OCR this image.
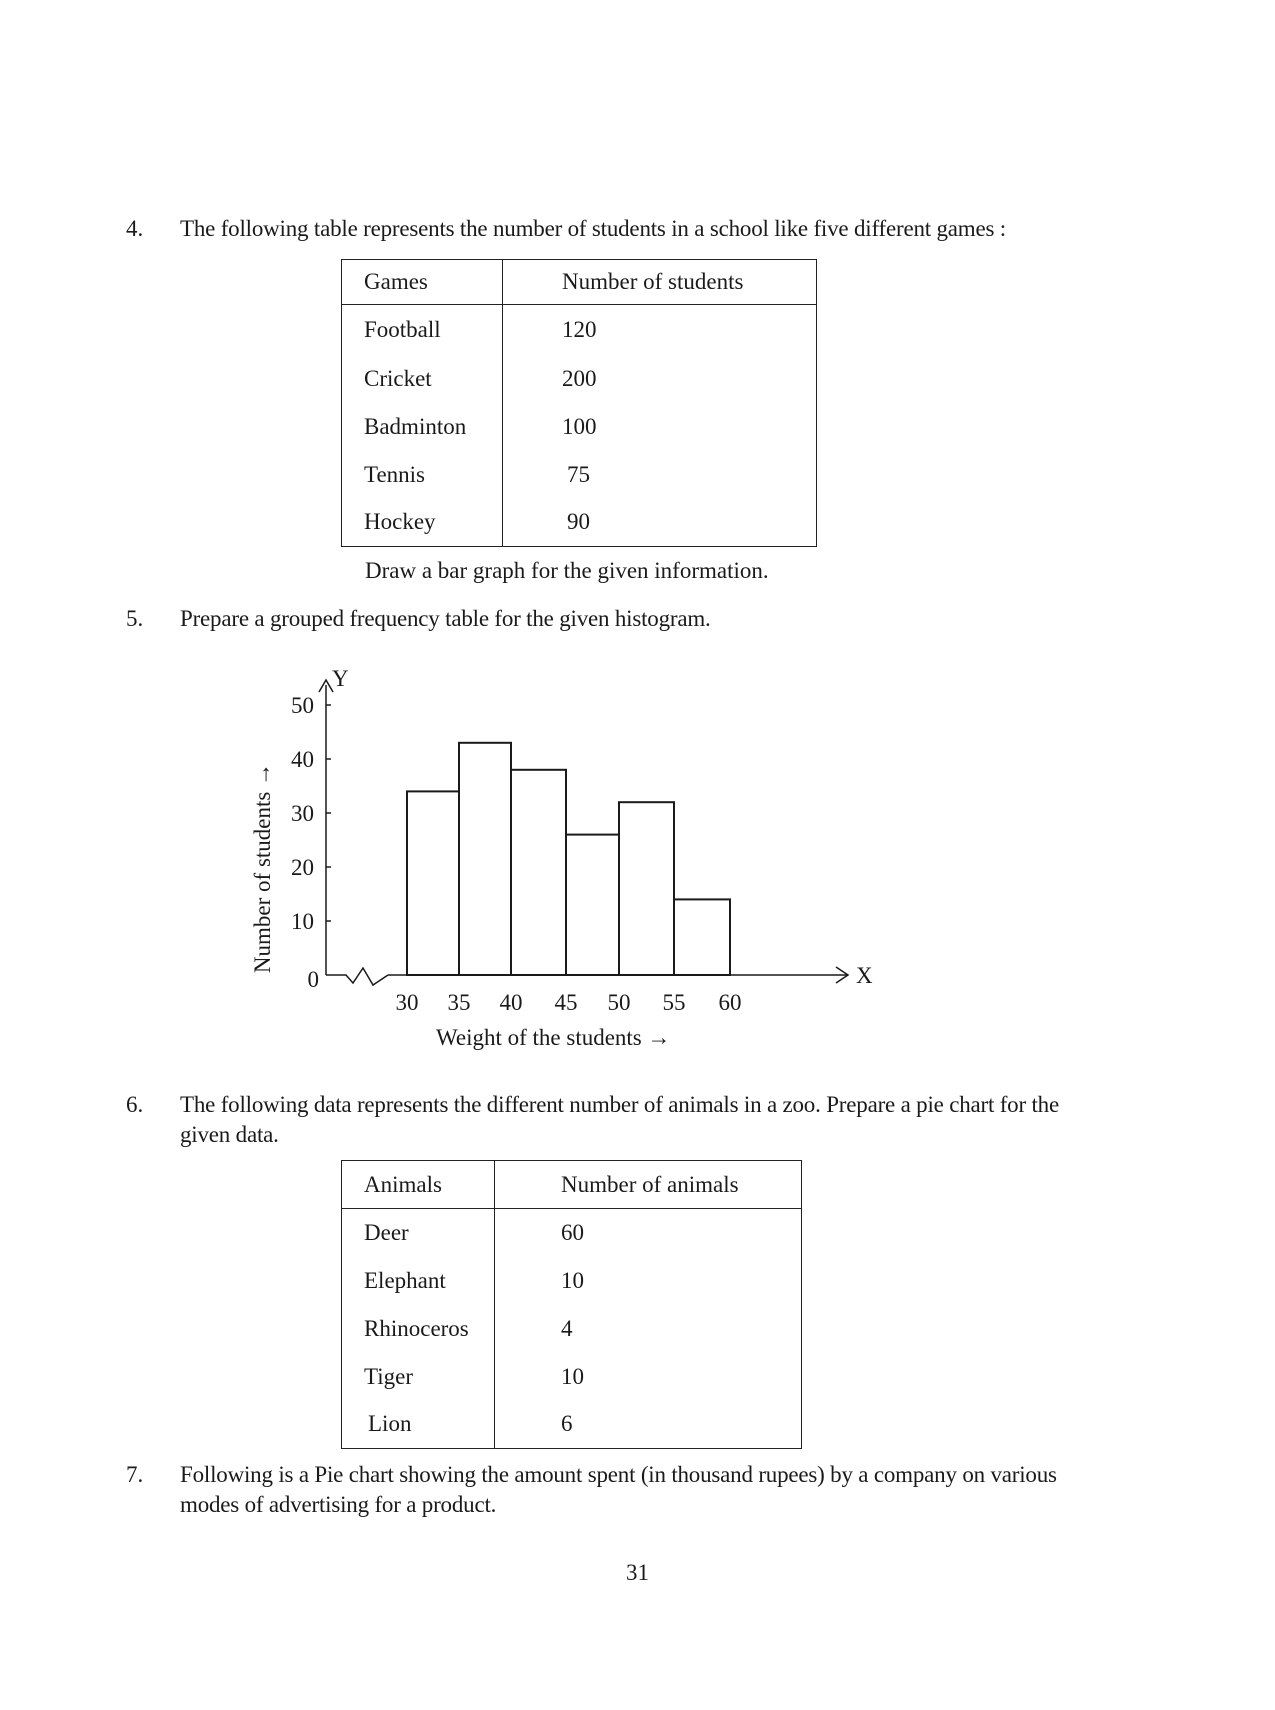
4. The following table represents the number of students in a school like five different games :
Games	Number of students
Football	120
Cricket	200
Badminton	100
Tennis	75
Hockey	90
Draw a bar graph for the given information.
5. Prepare a grouped frequency table for the given histogram.
Y
X
0
10
20
30
40
50
30 35 40 45 50 55 60
Weight of the students →
Number of students →
6. The following data represents the different number of animals in a zoo. Prepare a pie chart for the
given data.
Animals	Number of animals
Deer	60
Elephant	10
Rhinoceros	4
Tiger	10
Lion	6
7. Following is a Pie chart showing the amount spent (in thousand rupees) by a company on various
modes of advertising for a product.
31
